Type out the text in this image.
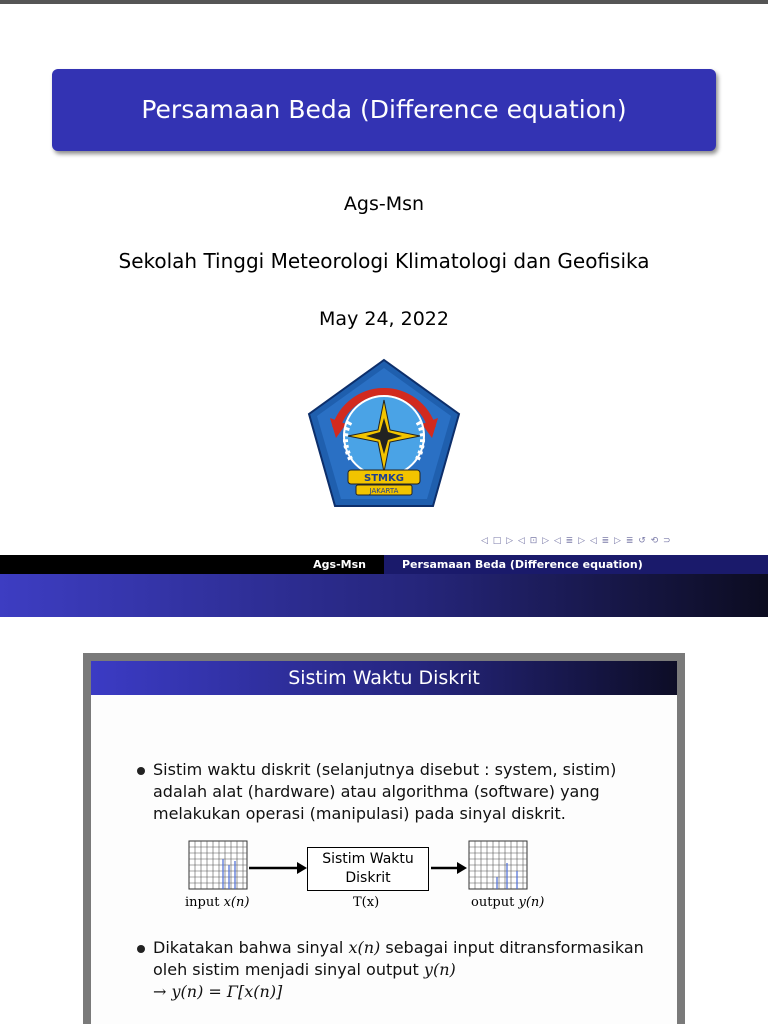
Persamaan Beda (Difference equation)
Ags-Msn
Sekolah Tinggi Meteorologi Klimatologi dan Geofisika
May 24, 2022
STMKG
JAKARTA
◁ □ ▷ ◁ ⊡ ▷ ◁ ≣ ▷ ◁ ≣ ▷ ≣ ↺ ⟲ ⊃
Ags-Msn	Persamaan Beda (Difference equation)
Sistim Waktu Diskrit
Sistim waktu diskrit (selanjutnya disebut : system, sistim) adalah alat (hardware) atau algorithma (software) yang melakukan operasi (manipulasi) pada sinyal diskrit.
Sistim Waktu
Diskrit
input x(n)	T(x)	output y(n)
Dikatakan bahwa sinyal x(n) sebagai input ditransformasikan oleh sistim menjadi sinyal output y(n)
→ y(n) = Γ[x(n)]
